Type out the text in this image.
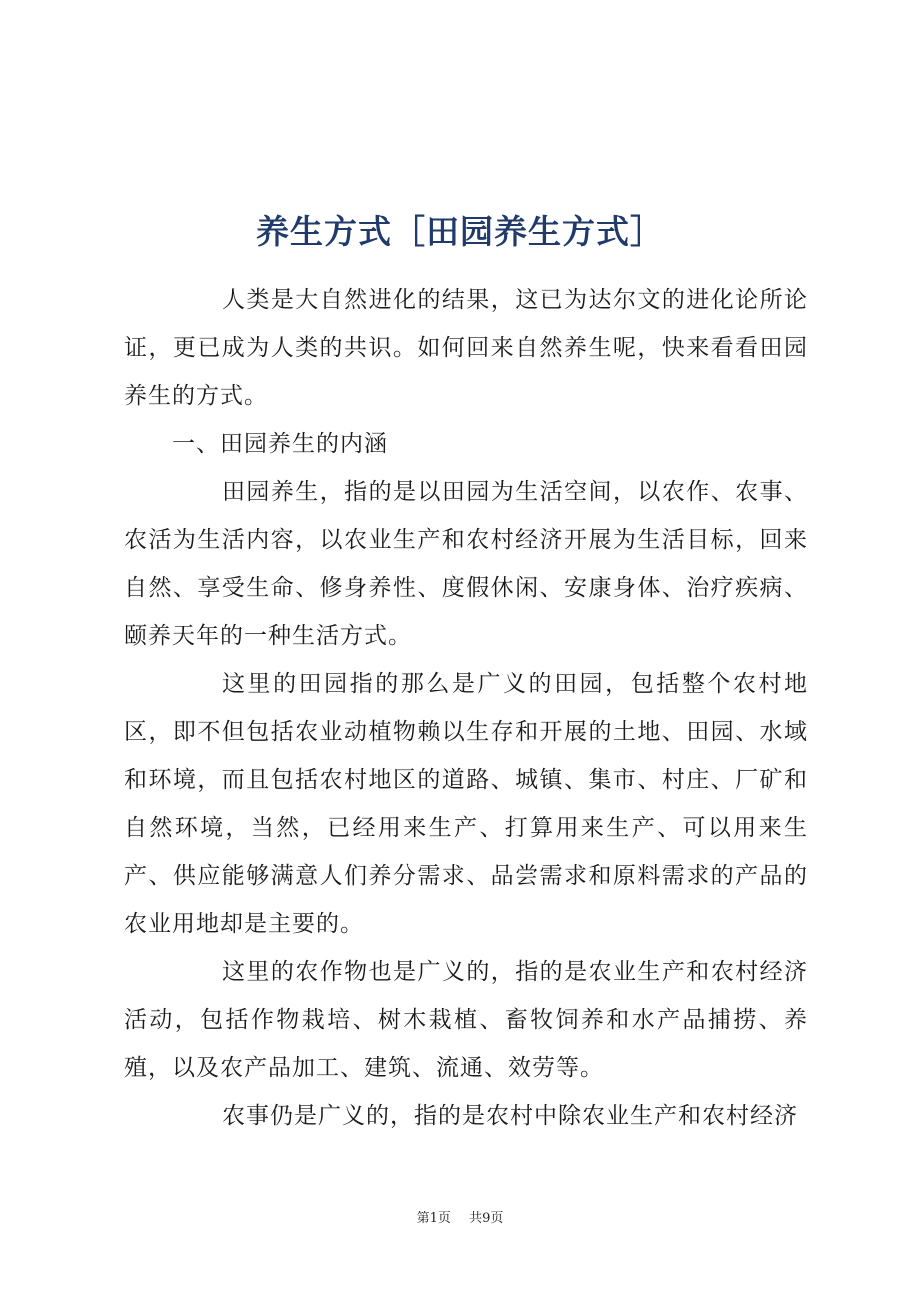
养生方式［田园养生方式］

人类是大自然进化的结果，这已为达尔文的进化论所论证，更已成为人类的共识。如何回来自然养生呢，快来看看田园养生的方式。

一、田园养生的内涵

田园养生，指的是以田园为生活空间，以农作、农事、农活为生活内容，以农业生产和农村经济开展为生活目标，回来自然、享受生命、修身养性、度假休闲、安康身体、治疗疾病、颐养天年的一种生活方式。

这里的田园指的那么是广义的田园，包括整个农村地区，即不但包括农业动植物赖以生存和开展的土地、田园、水域和环境，而且包括农村地区的道路、城镇、集市、村庄、厂矿和自然环境，当然，已经用来生产、打算用来生产、可以用来生产、供应能够满意人们养分需求、品尝需求和原料需求的产品的农业用地却是主要的。

这里的农作物也是广义的，指的是农业生产和农村经济活动，包括作物栽培、树木栽植、畜牧饲养和水产品捕捞、养殖，以及农产品加工、建筑、流通、效劳等。

农事仍是广义的，指的是农村中除农业生产和农村经济

第1页 共9页
